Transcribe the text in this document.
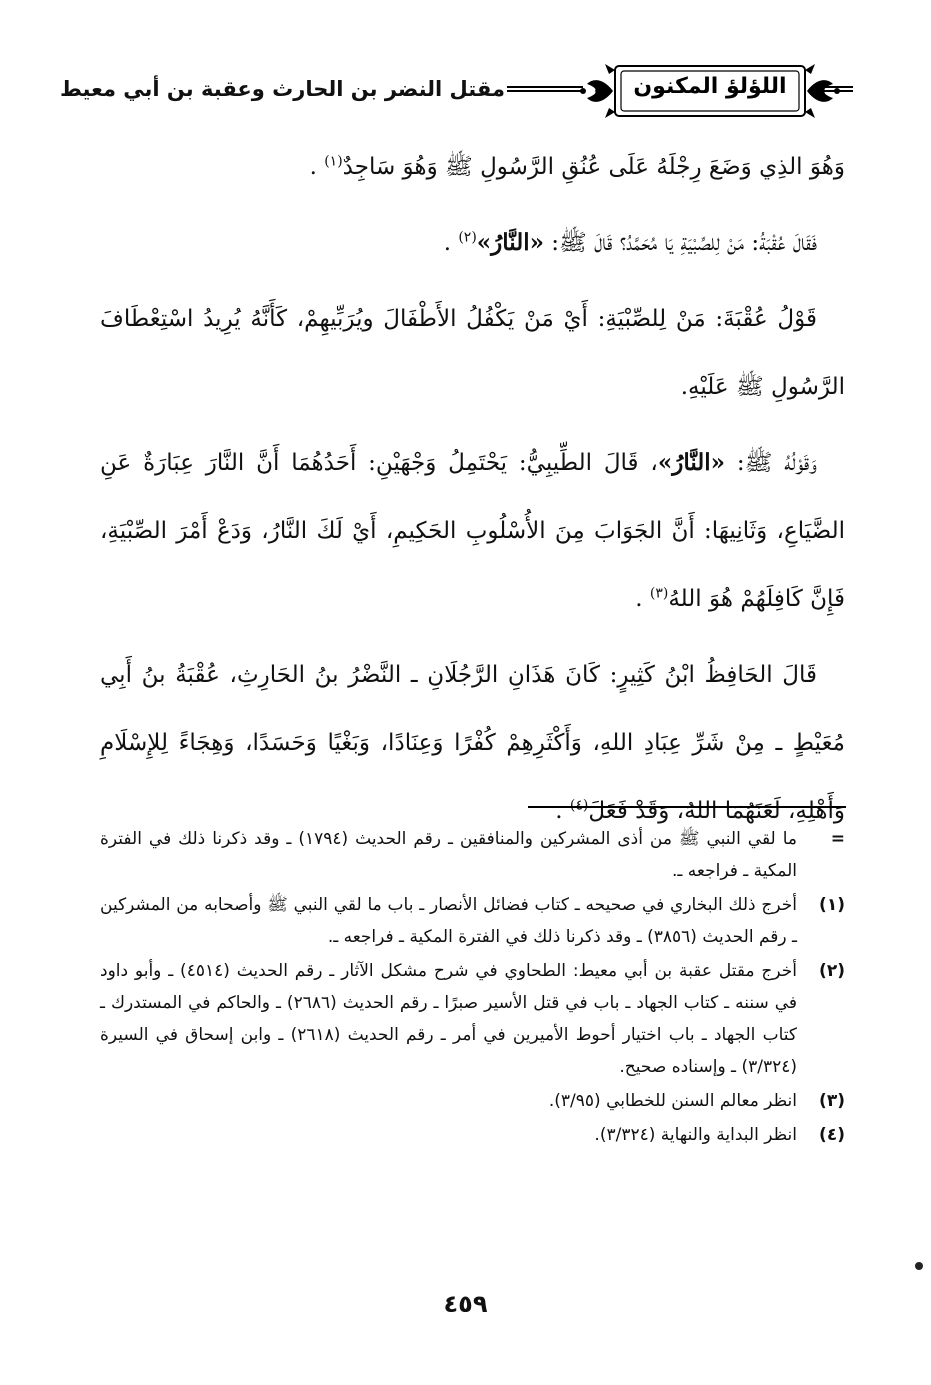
اللؤلؤ المكنون
مقتل النضر بن الحارث وعقبة بن أبي معيط

وَهُوَ الذِي وَضَعَ رِجْلَهُ عَلَى عُنُقِ الرَّسُولِ ﷺ وَهُوَ سَاجِدٌ$^{(١)}$ .

فَقَالَ عُقْبَةُ: مَنْ لِلصِّبْيَةِ يَا مُحَمَّدُ؟ قَالَ ﷺ: «النَّارُ»$^{(٢)}$ .

قَوْلُ عُقْبَةَ: مَنْ لِلصِّبْيَةِ: أَيْ مَنْ يَكْفُلُ الأَطْفَالَ ويُرَبِّيهِمْ، كَأَنَّهُ يُرِيدُ اسْتِعْطَافَ الرَّسُولِ ﷺ عَلَيْهِ.

وَقَوْلُهُ ﷺ: «النَّارُ»، قَالَ الطِّيبِيُّ: يَحْتَمِلُ وَجْهَيْنِ: أَحَدُهُمَا أَنَّ النَّارَ عِبَارَةٌ عَنِ الضَّيَاعِ، وَثَانِيهَا: أَنَّ الجَوَابَ مِنَ الأُسْلُوبِ الحَكِيمِ، أَيْ لَكَ النَّارُ، وَدَعْ أَمْرَ الصِّبْيَةِ، فَإِنَّ كَافِلَهُمْ هُوَ اللهُ$^{(٣)}$ .

قَالَ الحَافِظُ ابْنُ كَثِيرٍ: كَانَ هَذَانِ الرَّجُلَانِ ـ النَّضْرُ بنُ الحَارِثِ، عُقْبَةُ بنُ أَبِي مُعَيْطٍ ـ مِنْ شَرِّ عِبَادِ اللهِ، وَأَكْثَرِهِمْ كُفْرًا وَعِنَادًا، وَبَغْيًا وَحَسَدًا، وَهِجَاءً لِلإِسْلَامِ وَأَهْلِهِ، لَعَنَهُمَا اللهُ، وَقَدْ فَعَلَ$^{(٤)}$ .

=
ما لقي النبي ﷺ من أذى المشركين والمنافقين ـ رقم الحديث (١٧٩٤) ـ وقد ذكرنا ذلك في الفترة المكية ـ فراجعه ـ.
(١)
أخرج ذلك البخاري في صحيحه ـ كتاب فضائل الأنصار ـ باب ما لقي النبي ﷺ وأصحابه من المشركين ـ رقم الحديث (٣٨٥٦) ـ وقد ذكرنا ذلك في الفترة المكية ـ فراجعه ـ.
(٢)
أخرج مقتل عقبة بن أبي معيط: الطحاوي في شرح مشكل الآثار ـ رقم الحديث (٤٥١٤) ـ وأبو داود في سننه ـ كتاب الجهاد ـ باب في قتل الأسير صبرًا ـ رقم الحديث (٢٦٨٦) ـ والحاكم في المستدرك ـ كتاب الجهاد ـ باب اختيار أحوط الأميرين في أمر ـ رقم الحديث (٢٦١٨) ـ وابن إسحاق في السيرة (٣/٣٢٤) ـ وإسناده صحيح.
(٣)
انظر معالم السنن للخطابي (٣/٩٥).
(٤)
انظر البداية والنهاية (٣/٣٢٤).
٤٥٩
